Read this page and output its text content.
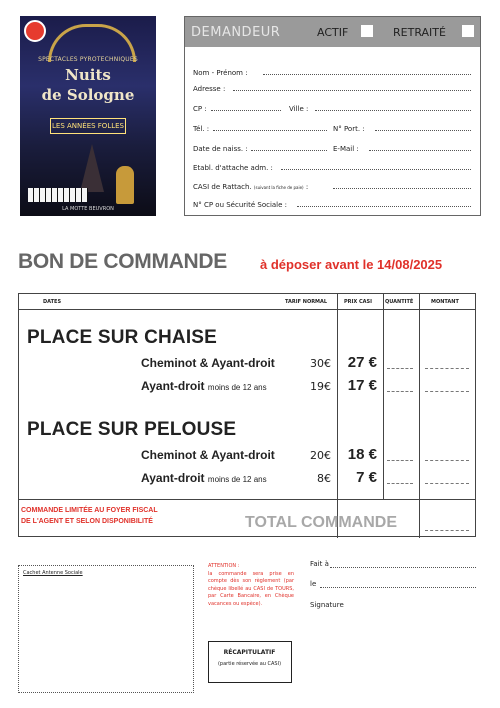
SPECTACLES PYROTECHNIQUES
Nuits
de Sologne
LES ANNÉES FOLLES
LA MOTTE BEUVRON
DEMANDEUR	ACTIF	RETRAITÉ
Nom - Prénom :
Adresse :
CP :	Ville :
Tél. :	N° Port. :
Date de naiss. :	E-Mail :
Etabl. d'attache adm. :
CASI de Rattach. (suivant la fiche de paie) :
N° CP ou Sécurité Sociale :
BON DE COMMANDE	à déposer avant le 14/08/2025
DATES	TARIF NORMAL	PRIX CASI	QUANTITÉ	MONTANT
PLACE SUR CHAISE
Cheminot & Ayant-droit	30€	27 €
Ayant-droit moins de 12 ans	19€	17 €
PLACE SUR PELOUSE
Cheminot & Ayant-droit	20€	18 €
Ayant-droit moins de 12 ans	8€	7 €
COMMANDE LIMITÉE AU FOYER FISCAL
DE L'AGENT ET SELON DISPONIBILITÉ	TOTAL COMMANDE
Cachet Antenne Sociale
ATTENTION :
la commande sera prise en compte dès son règlement (par chèque libellé au CASI de TOURS, par Carte Bancaire, en Chèque vacances ou espèce).
RÉCAPITULATIF
(partie réservée au CASI)
Fait à
le
Signature
